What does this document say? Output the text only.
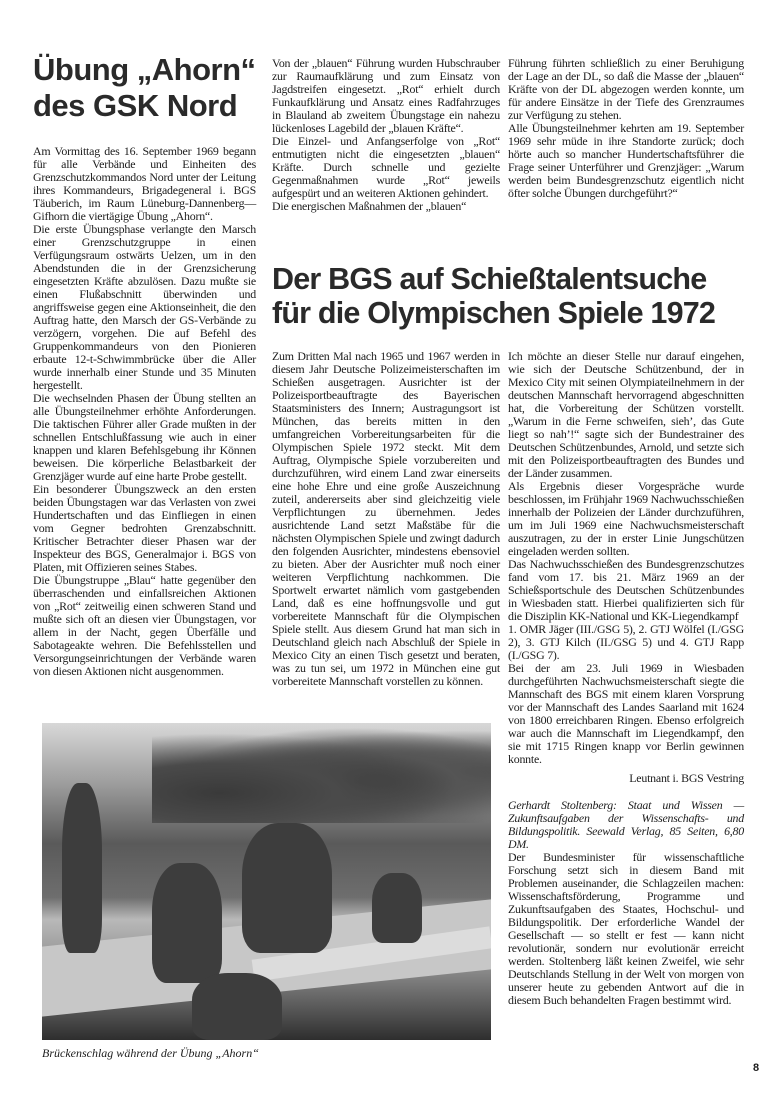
Übung „Ahorn“
des GSK Nord

Am Vormittag des 16. September 1969 begann für alle Verbände und Einheiten des Grenzschutzkommandos Nord unter der Leitung ihres Kommandeurs, Brigadegeneral i. BGS Täuberich, im Raum Lüneburg-Dannenberg—Gifhorn die viertägige Übung „Ahorn“.

Die erste Übungsphase verlangte den Marsch einer Grenzschutzgruppe in einen Verfügungsraum ostwärts Uelzen, um in den Abendstunden die in der Grenzsicherung eingesetzten Kräfte abzulösen. Dazu mußte sie einen Flußabschnitt überwinden und angriffsweise gegen eine Aktionseinheit, die den Auftrag hatte, den Marsch der GS-Verbände zu verzögern, vorgehen. Die auf Befehl des Gruppenkommandeurs von den Pionieren erbaute 12-t-Schwimmbrücke über die Aller wurde innerhalb einer Stunde und 35 Minuten hergestellt.

Die wechselnden Phasen der Übung stellten an alle Übungsteilnehmer erhöhte Anforderungen. Die taktischen Führer aller Grade mußten in der schnellen Entschlußfassung wie auch in einer knappen und klaren Befehlsgebung ihr Können beweisen. Die körperliche Belastbarkeit der Grenzjäger wurde auf eine harte Probe gestellt.

Ein besonderer Übungszweck an den ersten beiden Übungstagen war das Verlasten von zwei Hundertschaften und das Einfliegen in einen vom Gegner bedrohten Grenzabschnitt. Kritischer Betrachter dieser Phasen war der Inspekteur des BGS, Generalmajor i. BGS von Platen, mit Offizieren seines Stabes.

Die Übungstruppe „Blau“ hatte gegenüber den überraschenden und einfallsreichen Aktionen von „Rot“ zeitweilig einen schweren Stand und mußte sich oft an diesen vier Übungstagen, vor allem in der Nacht, gegen Überfälle und Sabotageakte wehren. Die Befehlsstellen und Versorgungseinrichtungen der Verbände waren von diesen Aktionen nicht ausgenommen.

Von der „blauen“ Führung wurden Hubschrauber zur Raumaufklärung und zum Einsatz von Jagdstreifen eingesetzt. „Rot“ erhielt durch Funkaufklärung und Ansatz eines Radfahrzuges in Blauland ab zweitem Übungstage ein nahezu lückenloses Lagebild der „blauen Kräfte“.

Die Einzel- und Anfangserfolge von „Rot“ entmutigten nicht die eingesetzten „blauen“ Kräfte. Durch schnelle und gezielte Gegenmaßnahmen wurde „Rot“ jeweils aufgespürt und an weiteren Aktionen gehindert.

Die energischen Maßnahmen der „blauen“

Führung führten schließlich zu einer Beruhigung der Lage an der DL, so daß die Masse der „blauen“ Kräfte von der DL abgezogen werden konnte, um für andere Einsätze in der Tiefe des Grenzraumes zur Verfügung zu stehen.

Alle Übungsteilnehmer kehrten am 19. September 1969 sehr müde in ihre Standorte zurück; doch hörte auch so mancher Hundertschaftsführer die Frage seiner Unterführer und Grenzjäger: „Warum werden beim Bundesgrenzschutz eigentlich nicht öfter solche Übungen durchgeführt?“

Der BGS auf Schießtalentsuche
für die Olympischen Spiele 1972

Zum Dritten Mal nach 1965 und 1967 werden in diesem Jahr Deutsche Polizeimeisterschaften im Schießen ausgetragen. Ausrichter ist der Polizeisportbeauftragte des Bayerischen Staatsministers des Innern; Austragungsort ist München, das bereits mitten in den umfangreichen Vorbereitungsarbeiten für die Olympischen Spiele 1972 steckt. Mit dem Auftrag, Olympische Spiele vorzubereiten und durchzuführen, wird einem Land zwar einerseits eine hohe Ehre und eine große Auszeichnung zuteil, andererseits aber sind gleichzeitig viele Verpflichtungen zu übernehmen. Jedes ausrichtende Land setzt Maßstäbe für die nächsten Olympischen Spiele und zwingt dadurch den folgenden Ausrichter, mindestens ebensoviel zu bieten. Aber der Ausrichter muß noch einer weiteren Verpflichtung nachkommen. Die Sportwelt erwartet nämlich vom gastgebenden Land, daß es eine hoffnungsvolle und gut vorbereitete Mannschaft für die Olympischen Spiele stellt. Aus diesem Grund hat man sich in Deutschland gleich nach Abschluß der Spiele in Mexico City an einen Tisch gesetzt und beraten, was zu tun sei, um 1972 in München eine gut vorbereitete Mannschaft vorstellen zu können.

Ich möchte an dieser Stelle nur darauf eingehen, wie sich der Deutsche Schützenbund, der in Mexico City mit seinen Olympiateilnehmern in der deutschen Mannschaft hervorragend abgeschnitten hat, die Vorbereitung der Schützen vorstellt. „Warum in die Ferne schweifen, sieh’, das Gute liegt so nah’!“ sagte sich der Bundestrainer des Deutschen Schützenbundes, Arnold, und setzte sich mit den Polizeisportbeauftragten des Bundes und der Länder zusammen.

Als Ergebnis dieser Vorgespräche wurde beschlossen, im Frühjahr 1969 Nachwuchsschießen innerhalb der Polizeien der Länder durchzuführen, um im Juli 1969 eine Nachwuchsmeisterschaft auszutragen, zu der in erster Linie Jungschützen eingeladen werden sollten.

Das Nachwuchsschießen des Bundesgrenzschutzes fand vom 17. bis 21. März 1969 an der Schießsportschule des Deutschen Schützenbundes in Wiesbaden statt. Hierbei qualifizierten sich für die Disziplin KK-National und KK-Liegendkampf

1. OMR Jäger (III./GSG 5), 2. GTJ Wölfel (I./GSG 2), 3. GTJ Kilch (II./GSG 5) und 4. GTJ Rapp (I./GSG 7).

Bei der am 23. Juli 1969 in Wiesbaden durchgeführten Nachwuchsmeisterschaft siegte die Mannschaft des BGS mit einem klaren Vorsprung vor der Mannschaft des Landes Saarland mit 1624 von 1800 erreichbaren Ringen. Ebenso erfolgreich war auch die Mannschaft im Liegendkampf, den sie mit 1715 Ringen knapp vor Berlin gewinnen konnte.

Leutnant i. BGS Vestring

Gerhardt Stoltenberg: Staat und Wissen — Zukunftsaufgaben der Wissenschafts- und Bildungspolitik. Seewald Verlag, 85 Seiten, 6,80 DM.

Der Bundesminister für wissenschaftliche Forschung setzt sich in diesem Band mit Problemen auseinander, die Schlagzeilen machen: Wissenschaftsförderung, Programme und Zukunftsaufgaben des Staates, Hochschul- und Bildungspolitik. Der erforderliche Wandel der Gesellschaft — so stellt er fest — kann nicht revolutionär, sondern nur evolutionär erreicht werden. Stoltenberg läßt keinen Zweifel, wie sehr Deutschlands Stellung in der Welt von morgen von unserer heute zu gebenden Antwort auf die in diesem Buch behandelten Fragen bestimmt wird.

Brückenschlag während der Übung „Ahorn“
8
